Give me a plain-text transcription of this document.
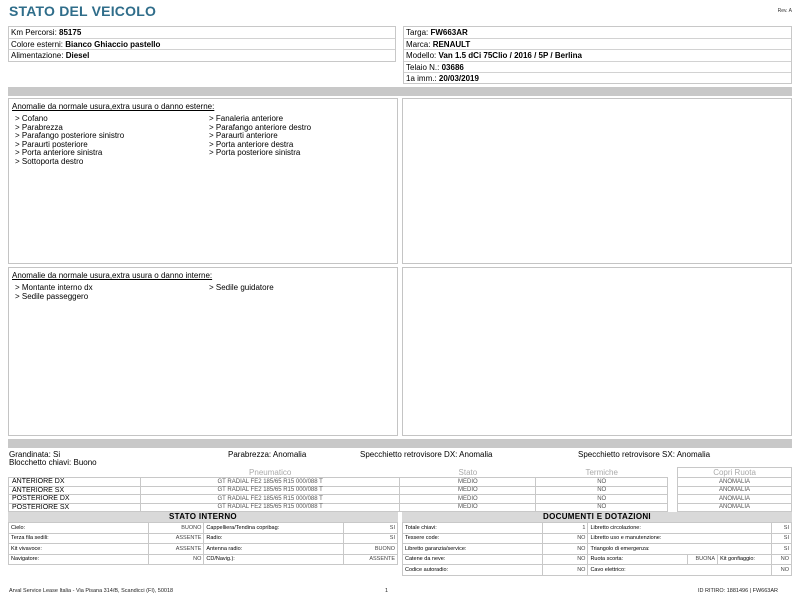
STATO DEL VEICOLO	Rev. A
Km Percorsi: 85175
Colore esterni: Bianco Ghiaccio pastello
Alimentazione: Diesel
Targa: FW663AR
Marca: RENAULT
Modello: Van 1.5 dCi 75Clio / 2016 / 5P / Berlina
Telaio N.: 03686
1a imm.: 20/03/2019
Anomalie da normale usura,extra usura o danno esterne:
> Cofano
> Parabrezza
> Parafango posteriore sinistro
> Paraurti posteriore
> Porta anteriore sinistra
> Sottoporta destro
> Fanaleria anteriore
> Parafango anteriore destro
> Paraurti anteriore
> Porta anteriore destra
> Porta posteriore sinistra
Anomalie da normale usura,extra usura o danno interne:
> Montante interno dx
> Sedile passeggero
> Sedile guidatore
Grandinata: Si	Parabrezza: Anomalia	Specchietto retrovisore DX: Anomalia	Specchietto retrovisore SX: Anomalia
Blocchetto chiavi: Buono
	Pneumatico	Stato	Termiche		Copri Ruota
ANTERIORE DX	GT RADIAL FE2 185/65 R15 000/088 T	MEDIO	NO		ANOMALIA
ANTERIORE SX	GT RADIAL FE2 185/65 R15 000/088 T	MEDIO	NO		ANOMALIA
POSTERIORE DX	GT RADIAL FE2 185/65 R15 000/088 T	MEDIO	NO		ANOMALIA
POSTERIORE SX	GT RADIAL FE2 185/65 R15 000/088 T	MEDIO	NO		ANOMALIA
STATO INTERNO
Cielo:	BUONO	Cappelliera/Tendina copribag:	SI
Terza fila sedili:	ASSENTE	Radio:	SI
Kit vivavoce:	ASSENTE	Antenna radio:	BUONO
Navigatore:	NO	CD/Navig.):	ASSENTE
DOCUMENTI E DOTAZIONI
Totale chiavi:	1	Libretto circolazione:			SI
Tessere code:	NO	Libretto uso e manutenzione:			SI
Libretto garanzia/service:	NO	Triangolo di emergenza:			SI
Catene da neve:	NO	Ruota scorta:	BUONA	Kit gonfiaggio:	NO
Codice autoradio:	NO	Cavo elettrico:			NO
Arval Service Lease Italia - Via Pisana 314/B, Scandicci (FI), 50018	1	ID RITIRO: 1881496 | FW663AR
